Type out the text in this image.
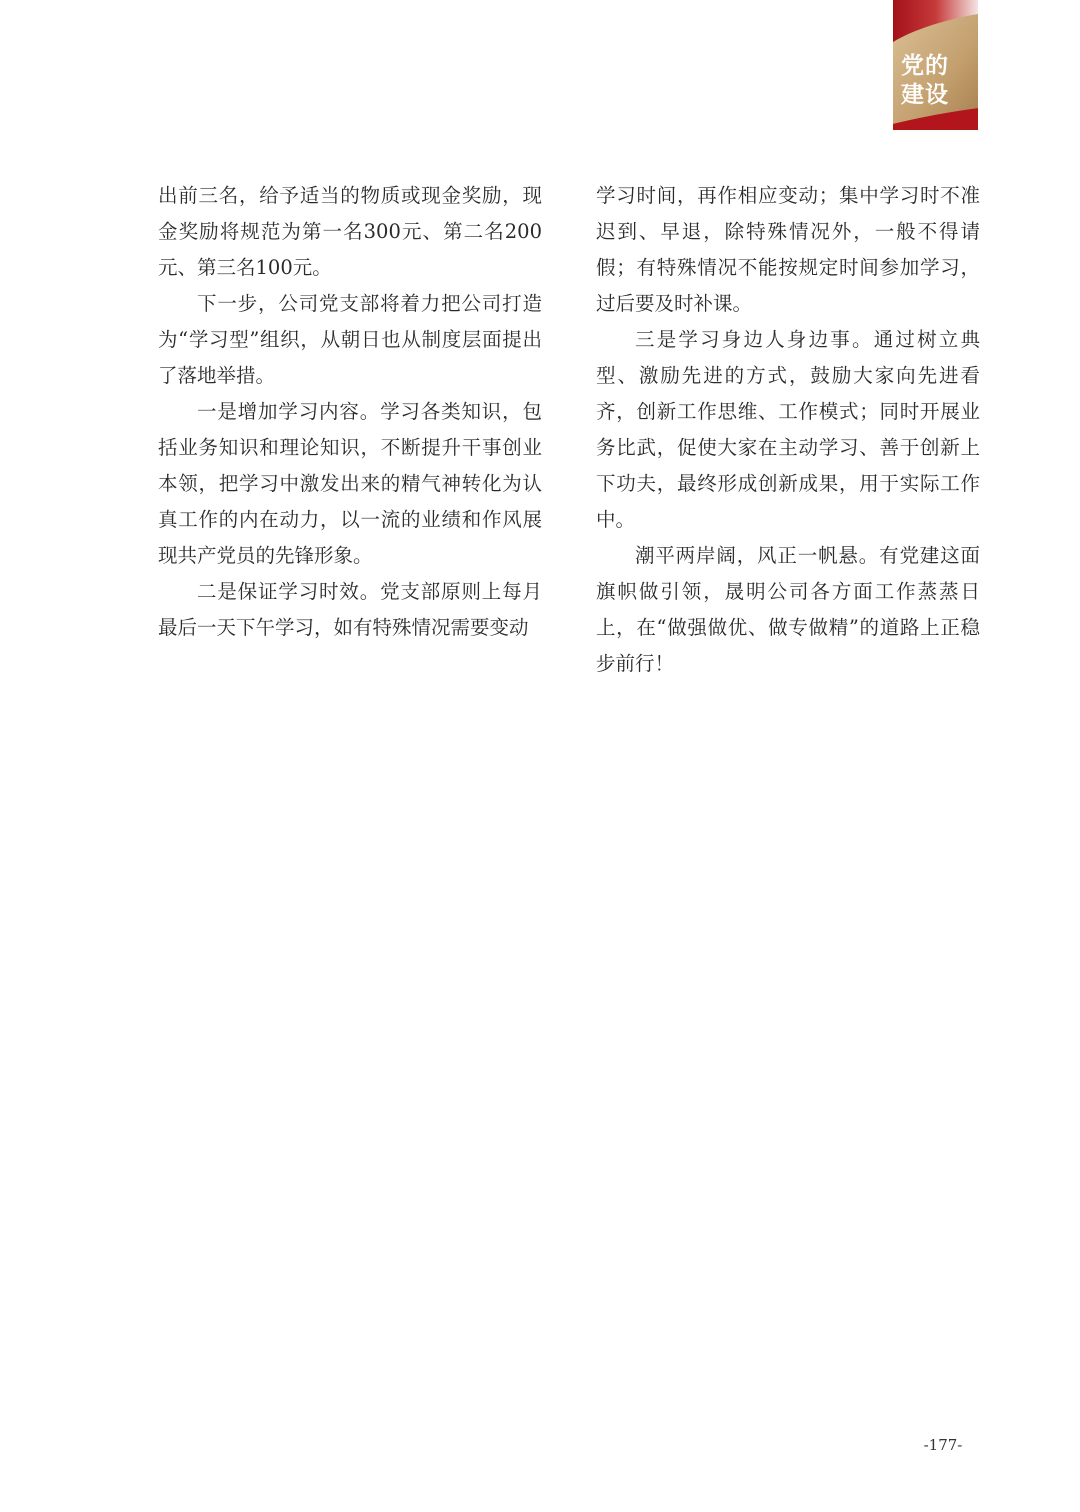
党的
建设

出前三名，给予适当的物质或现金奖励，现金奖励将规范为第一名300元、第二名200元、第三名100元。

下一步，公司党支部将着力把公司打造为“学习型”组织，从朝日也从制度层面提出了落地举措。

一是增加学习内容。学习各类知识，包括业务知识和理论知识，不断提升干事创业本领，把学习中激发出来的精气神转化为认真工作的内在动力，以一流的业绩和作风展现共产党员的先锋形象。

二是保证学习时效。党支部原则上每月最后一天下午学习，如有特殊情况需要变动

学习时间，再作相应变动；集中学习时不准迟到、早退，除特殊情况外，一般不得请假；有特殊情况不能按规定时间参加学习，过后要及时补课。

三是学习身边人身边事。通过树立典型、激励先进的方式，鼓励大家向先进看齐，创新工作思维、工作模式；同时开展业务比武，促使大家在主动学习、善于创新上下功夫，最终形成创新成果，用于实际工作中。

潮平两岸阔，风正一帆悬。有党建这面旗帜做引领，晟明公司各方面工作蒸蒸日上，在“做强做优、做专做精”的道路上正稳步前行！

-177-
